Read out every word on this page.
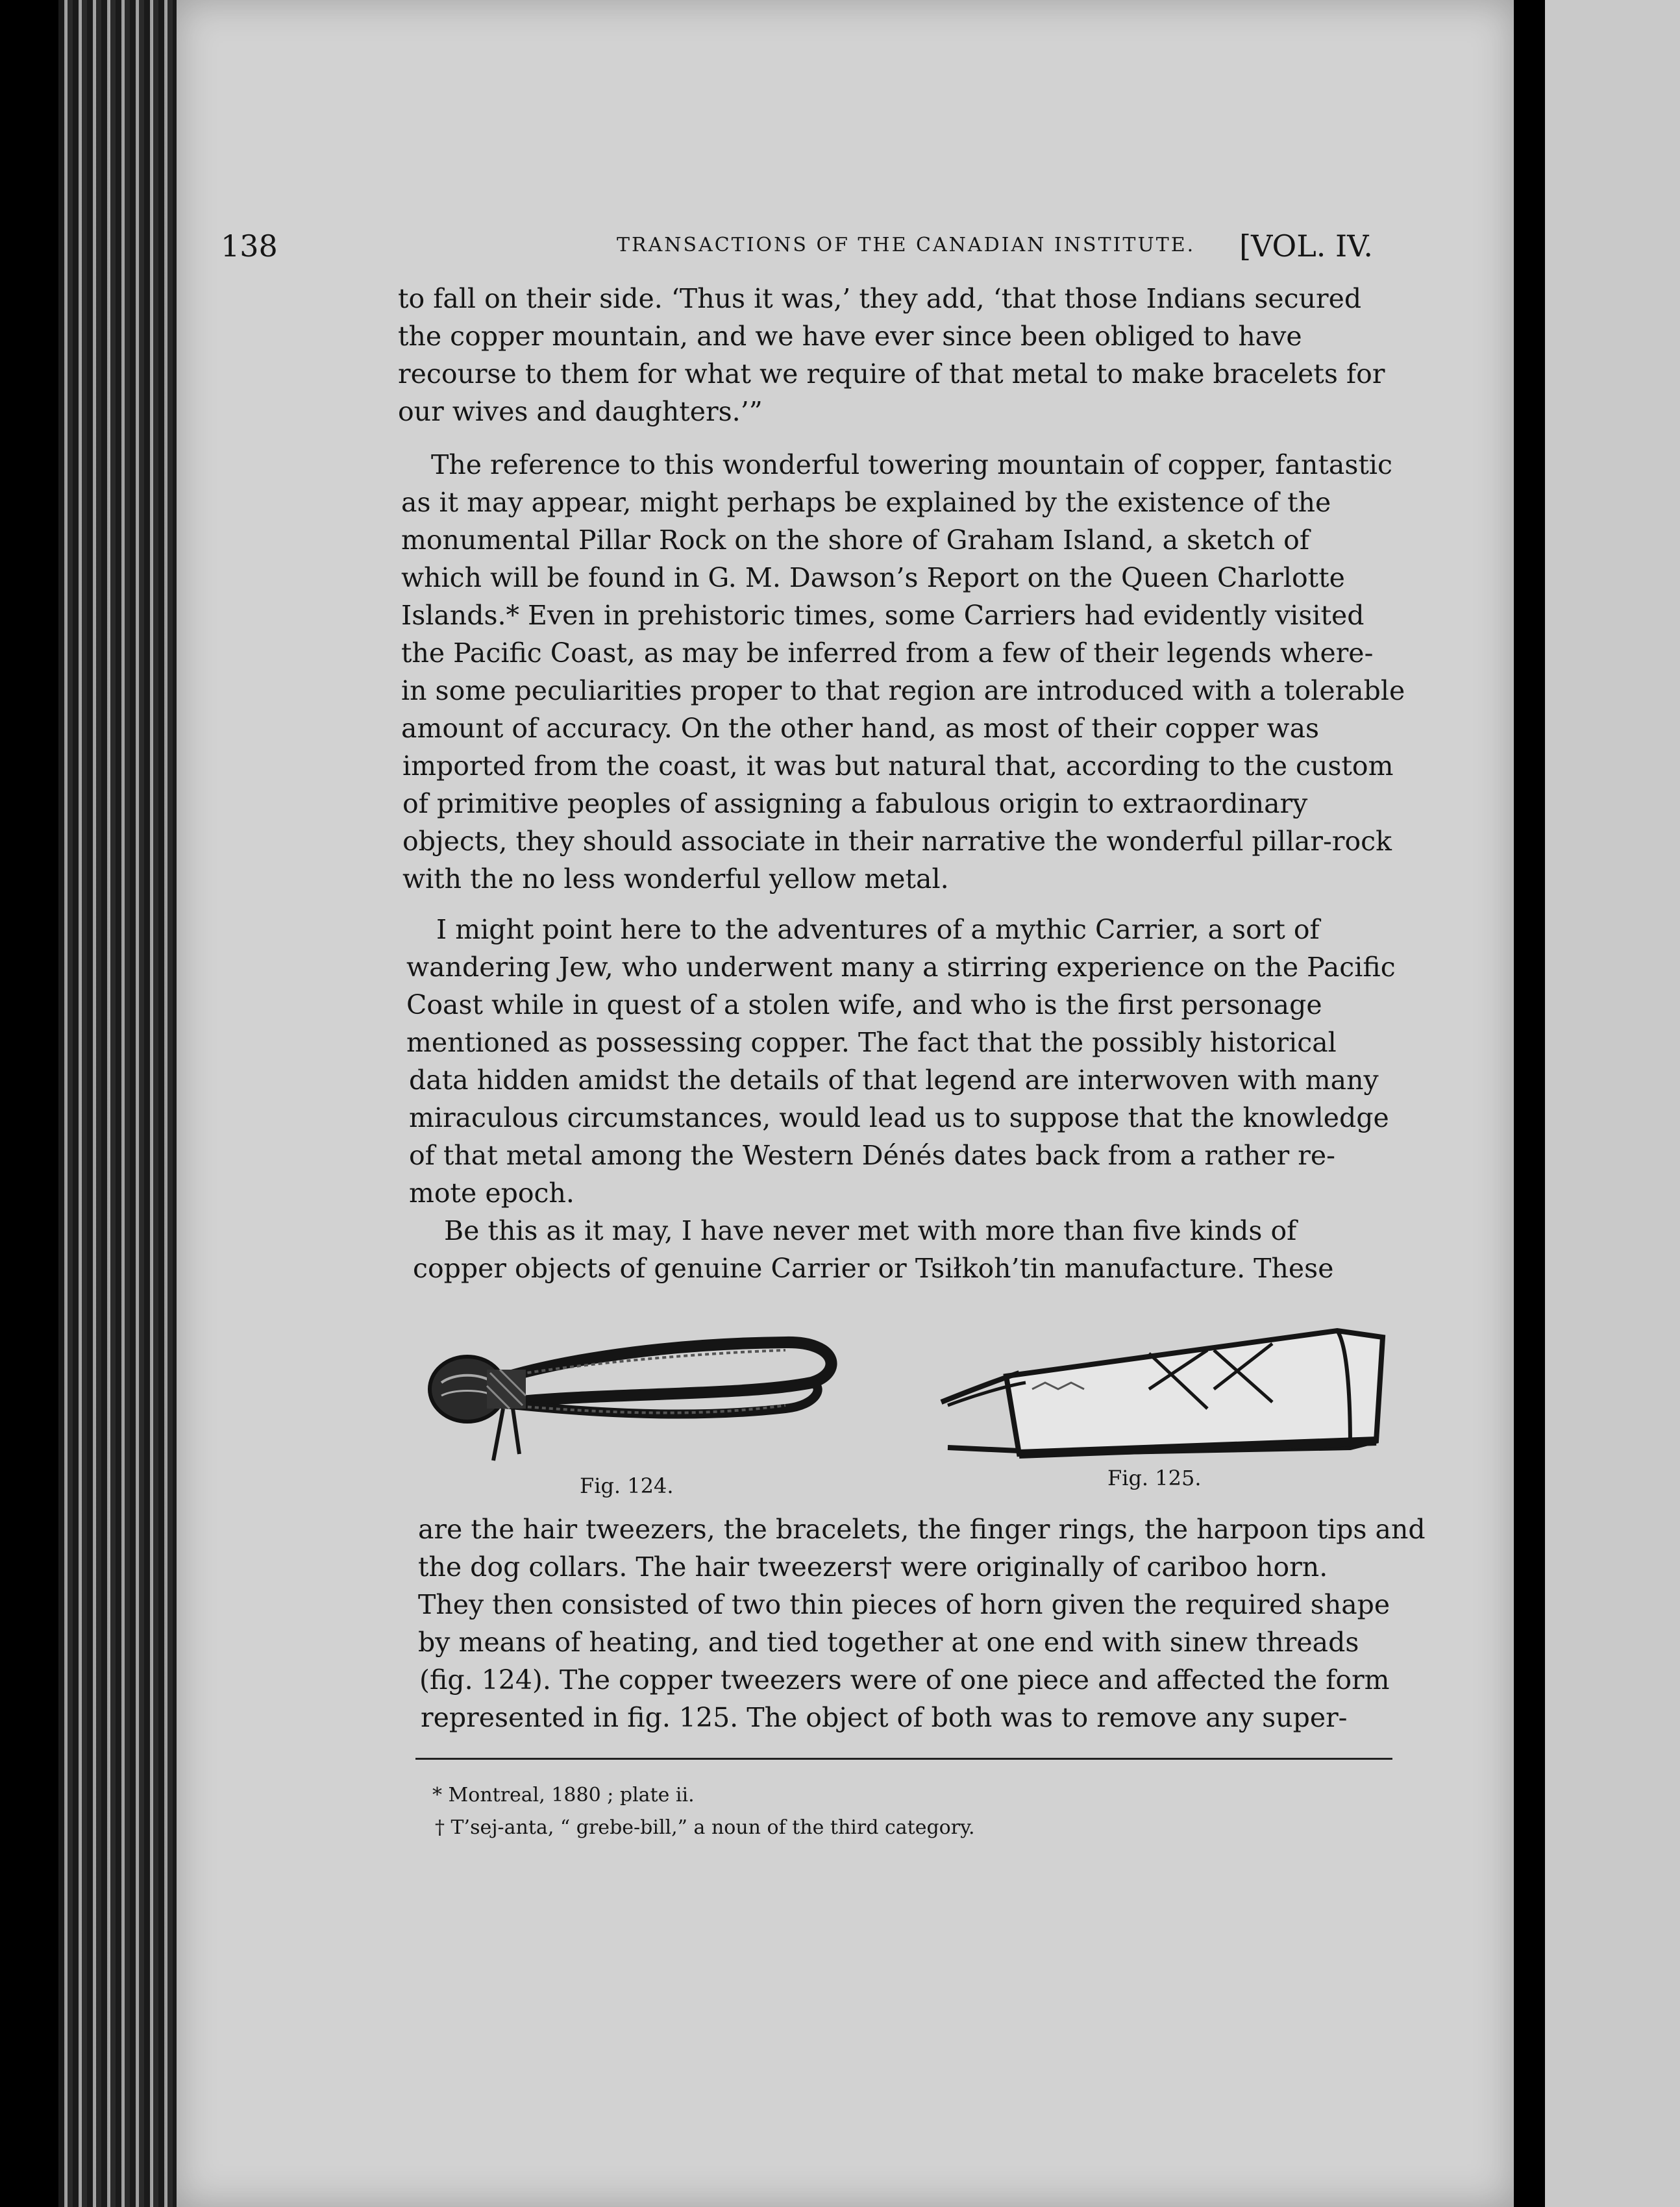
138	TRANSACTIONS OF THE CANADIAN INSTITUTE. [VOL. IV.
to fall on their side. ‘Thus it was,’ they add, ‘that those Indians secured
the copper mountain, and we have ever since been obliged to have
recourse to them for what we require of that metal to make bracelets for
our wives and daughters.’”
The reference to this wonderful towering mountain of copper, fantastic
as it may appear, might perhaps be explained by the existence of the
monumental Pillar Rock on the shore of Graham Island, a sketch of
which will be found in G. M. Dawson’s Report on the Queen Charlotte
Islands.* Even in prehistoric times, some Carriers had evidently visited
the Pacific Coast, as may be inferred from a few of their legends where-
in some peculiarities proper to that region are introduced with a tolerable
amount of accuracy. On the other hand, as most of their copper was
imported from the coast, it was but natural that, according to the custom
of primitive peoples of assigning a fabulous origin to extraordinary
objects, they should associate in their narrative the wonderful pillar-rock
with the no less wonderful yellow metal.
I might point here to the adventures of a mythic Carrier, a sort of
wandering Jew, who underwent many a stirring experience on the Pacific
Coast while in quest of a stolen wife, and who is the first personage
mentioned as possessing copper. The fact that the possibly historical
data hidden amidst the details of that legend are interwoven with many
miraculous circumstances, would lead us to suppose that the knowledge
of that metal among the Western Dénés dates back from a rather re-
mote epoch.
Be this as it may, I have never met with more than five kinds of
copper objects of genuine Carrier or Tsiłkoh’tin manufacture. These
Fig. 124.	Fig. 125.
are the hair tweezers, the bracelets, the finger rings, the harpoon tips and
the dog collars. The hair tweezers† were originally of cariboo horn.
They then consisted of two thin pieces of horn given the required shape
by means of heating, and tied together at one end with sinew threads
(fig. 124). The copper tweezers were of one piece and affected the form
represented in fig. 125. The object of both was to remove any super-
* Montreal, 1880 ; plate ii.
† T’sej-anta, “ grebe-bill,” a noun of the third category.
